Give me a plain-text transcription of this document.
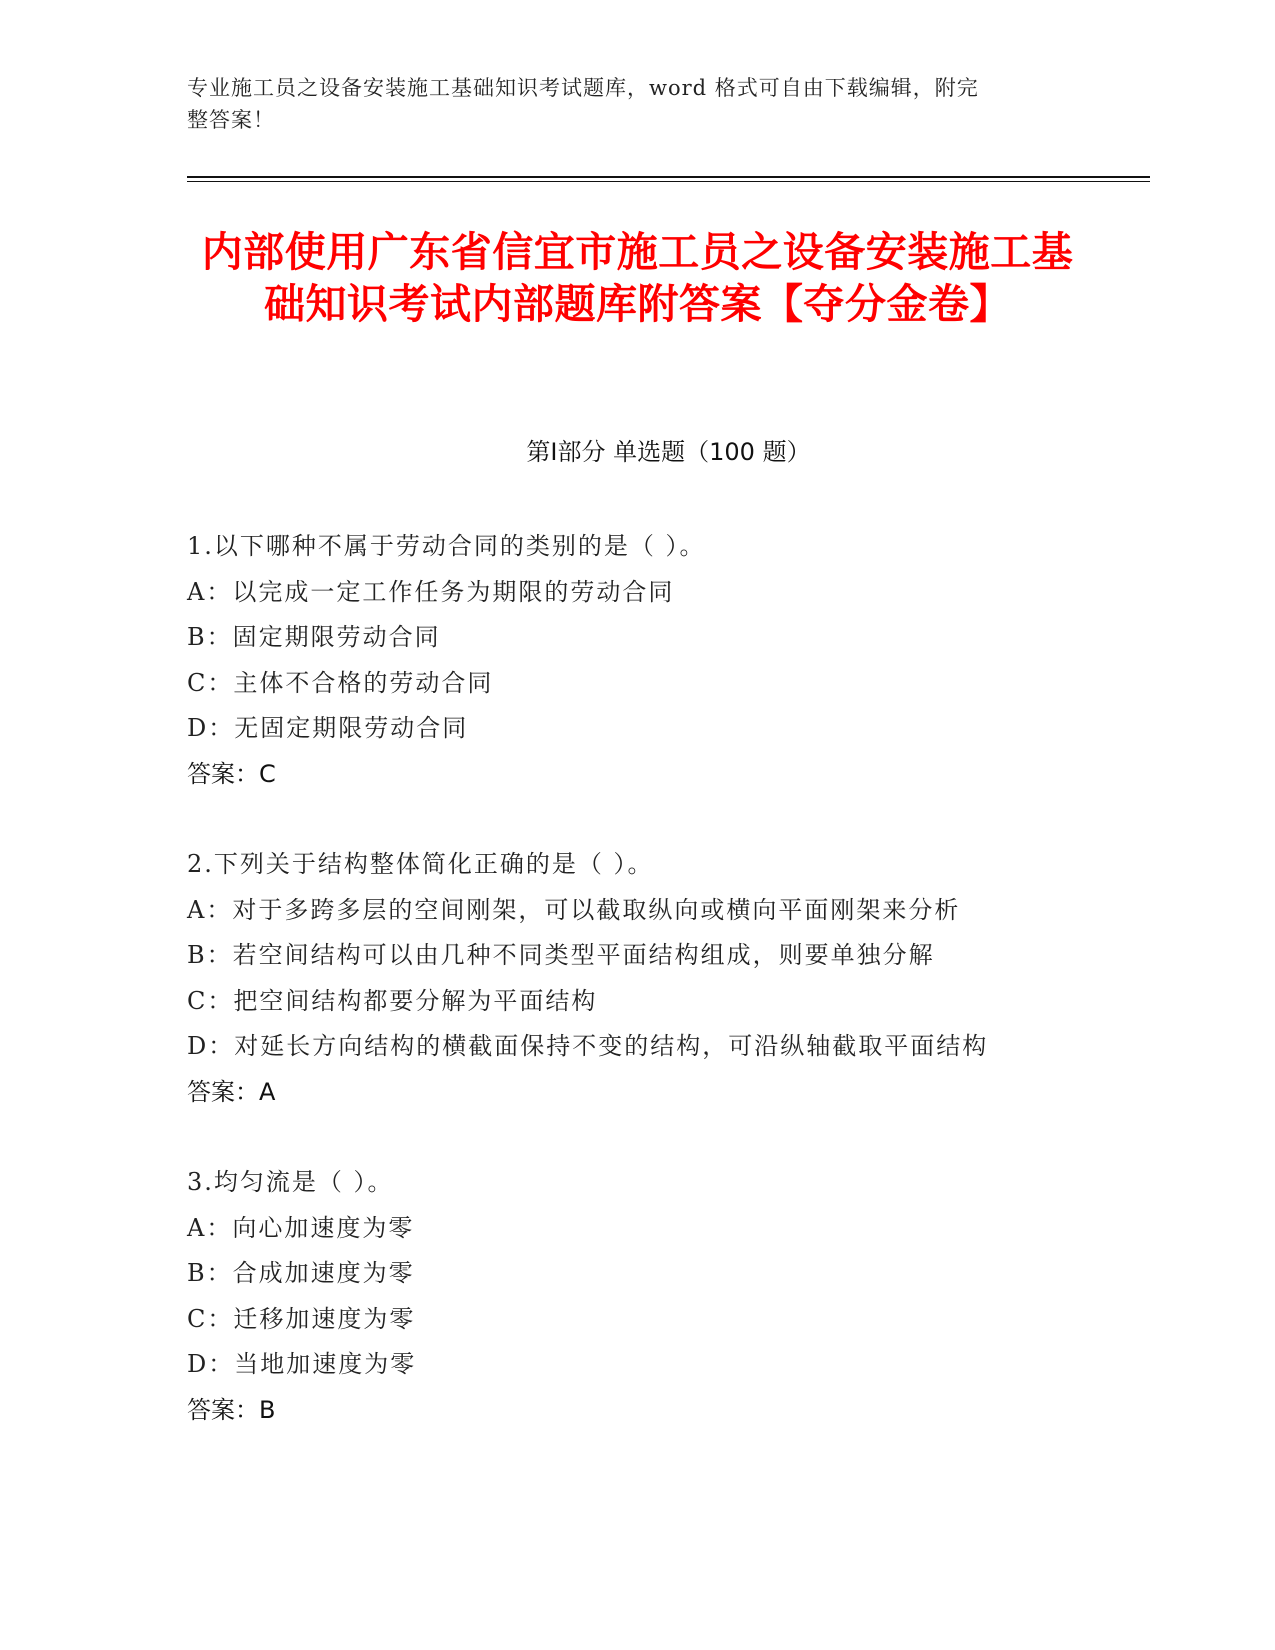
专业施工员之设备安装施工基础知识考试题库，word 格式可自由下载编辑，附完
整答案！
内部使用广东省信宜市施工员之设备安装施工基础知识考试内部题库附答案【夺分金卷】
第Ⅰ部分 单选题（100 题）
1.以下哪种不属于劳动合同的类别的是（ ）。
A：以完成一定工作任务为期限的劳动合同
B：固定期限劳动合同
C：主体不合格的劳动合同
D：无固定期限劳动合同
答案：C
2.下列关于结构整体简化正确的是（ ）。
A：对于多跨多层的空间刚架，可以截取纵向或横向平面刚架来分析
B：若空间结构可以由几种不同类型平面结构组成，则要单独分解
C：把空间结构都要分解为平面结构
D：对延长方向结构的横截面保持不变的结构，可沿纵轴截取平面结构
答案：A
3.均匀流是（ ）。
A：向心加速度为零
B：合成加速度为零
C：迁移加速度为零
D：当地加速度为零
答案：B
